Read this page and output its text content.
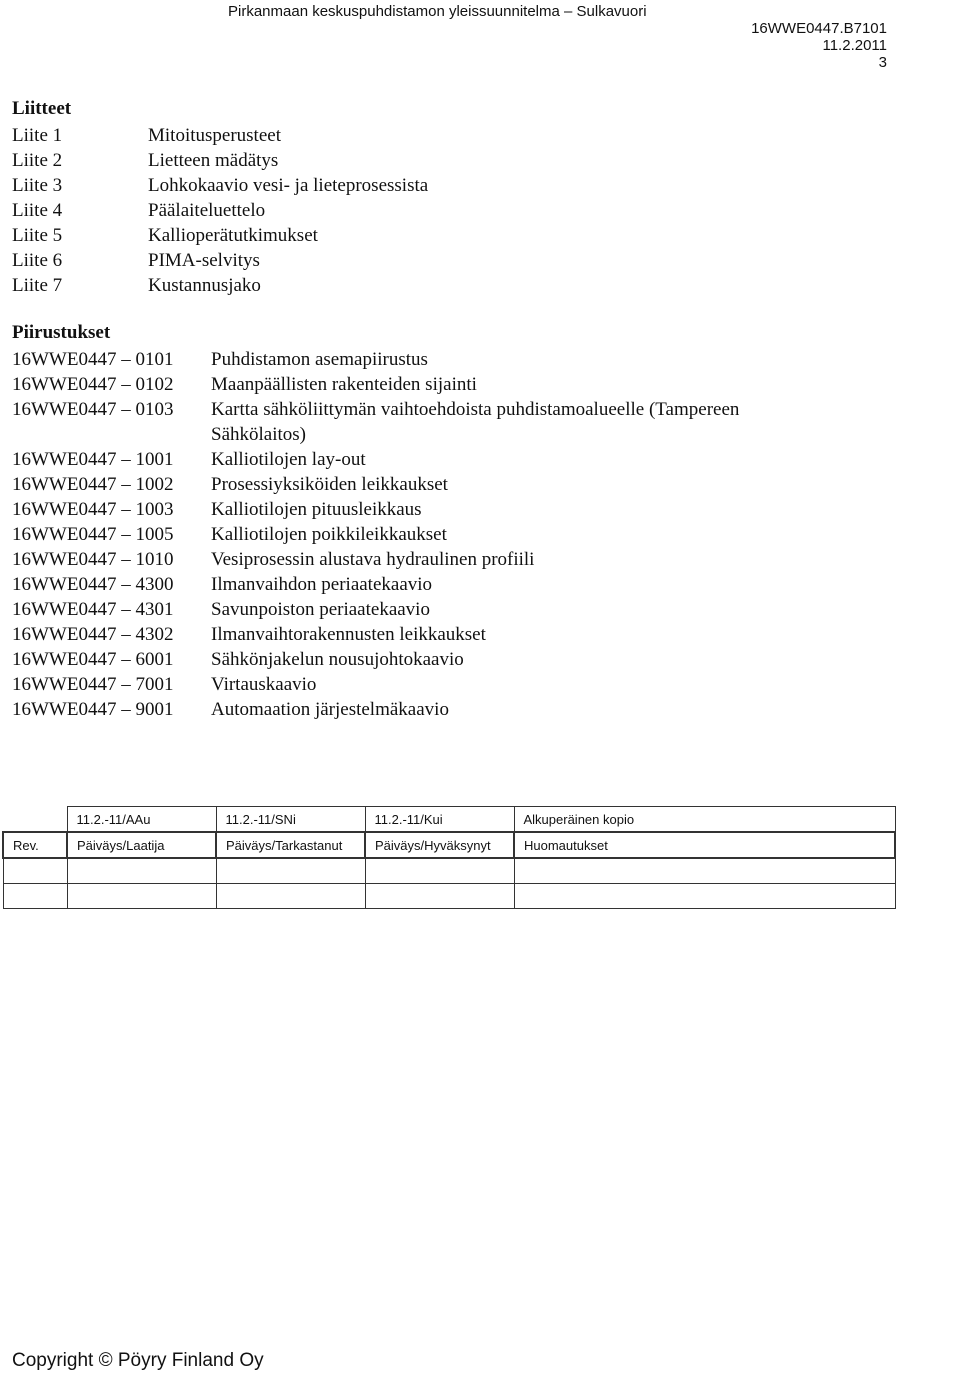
Pirkanmaan keskuspuhdistamon yleissuunnitelma – Sulkavuori
16WWE0447.B7101
11.2.2011
3
Liitteet
Liite 1	Mitoitusperusteet
Liite 2	Lietteen mädätys
Liite 3	Lohkokaavio vesi- ja lieteprosessista
Liite 4	Päälaiteluettelo
Liite 5	Kallioperätutkimukset
Liite 6	PIMA-selvitys
Liite 7	Kustannusjako
Piirustukset
16WWE0447 – 0101 Puhdistamon asemapiirustus
16WWE0447 – 0102 Maanpäällisten rakenteiden sijainti
16WWE0447 – 0103 Kartta sähköliittymän vaihtoehdoista puhdistamoalueelle (Tampereen
Sähkölaitos)
16WWE0447 – 1001 Kalliotilojen lay-out
16WWE0447 – 1002 Prosessiyksiköiden leikkaukset
16WWE0447 – 1003 Kalliotilojen pituusleikkaus
16WWE0447 – 1005 Kalliotilojen poikkileikkaukset
16WWE0447 – 1010 Vesiprosessin alustava hydraulinen profiili
16WWE0447 – 4300 Ilmanvaihdon periaatekaavio
16WWE0447 – 4301 Savunpoiston periaatekaavio
16WWE0447 – 4302 Ilmanvaihtorakennusten leikkaukset
16WWE0447 – 6001 Sähkönjakelun nousujohtokaavio
16WWE0447 – 7001 Virtauskaavio
16WWE0447 – 9001 Automaation järjestelmäkaavio
	11.2.-11/AAu	11.2.-11/SNi	11.2.-11/Kui	Alkuperäinen kopio
Rev.	Päiväys/Laatija	Päiväys/Tarkastanut	Päiväys/Hyväksynyt	Huomautukset

Copyright © Pöyry Finland Oy
